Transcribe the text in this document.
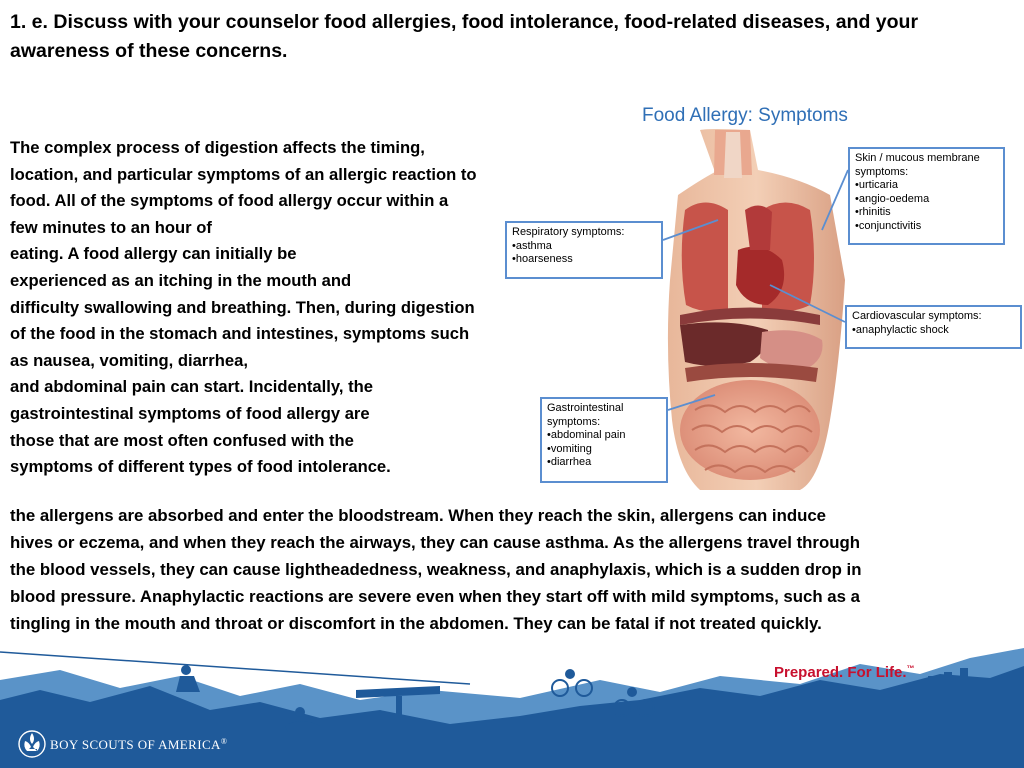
1. e. Discuss with your counselor food allergies, food intolerance, food-related diseases, and your awareness of these concerns.
The complex process of digestion affects the timing,
location, and particular symptoms of an allergic reaction to
food. All of the symptoms of food allergy occur within a
few minutes to an hour of
eating. A food allergy can initially be
experienced as an itching in the mouth and
difficulty swallowing and breathing. Then, during digestion
of the food in the stomach and intestines, symptoms such
as nausea, vomiting, diarrhea,
and abdominal pain can start. Incidentally, the
gastrointestinal symptoms of food allergy are
those that are most often confused with the
symptoms of different types of food intolerance.
Food Allergy: Symptoms
Skin / mucous membrane
symptoms:
•urticaria
•angio-oedema
•rhinitis
•conjunctivitis
Respiratory symptoms:
•asthma
•hoarseness
Cardiovascular symptoms:
•anaphylactic shock
Gastrointestinal
symptoms:
•abdominal pain
•vomiting
•diarrhea
the allergens are absorbed and enter the bloodstream. When they reach the skin, allergens can induce
hives or eczema, and when they reach the airways, they can cause asthma. As the allergens travel through
the blood vessels, they can cause lightheadedness, weakness, and anaphylaxis, which is a sudden drop in
blood pressure. Anaphylactic reactions are severe even when they start off with mild symptoms, such as a
tingling in the mouth and throat or discomfort in the abdomen. They can be fatal if not treated quickly.
Prepared. For Life.™
BOY SCOUTS OF AMERICA®
